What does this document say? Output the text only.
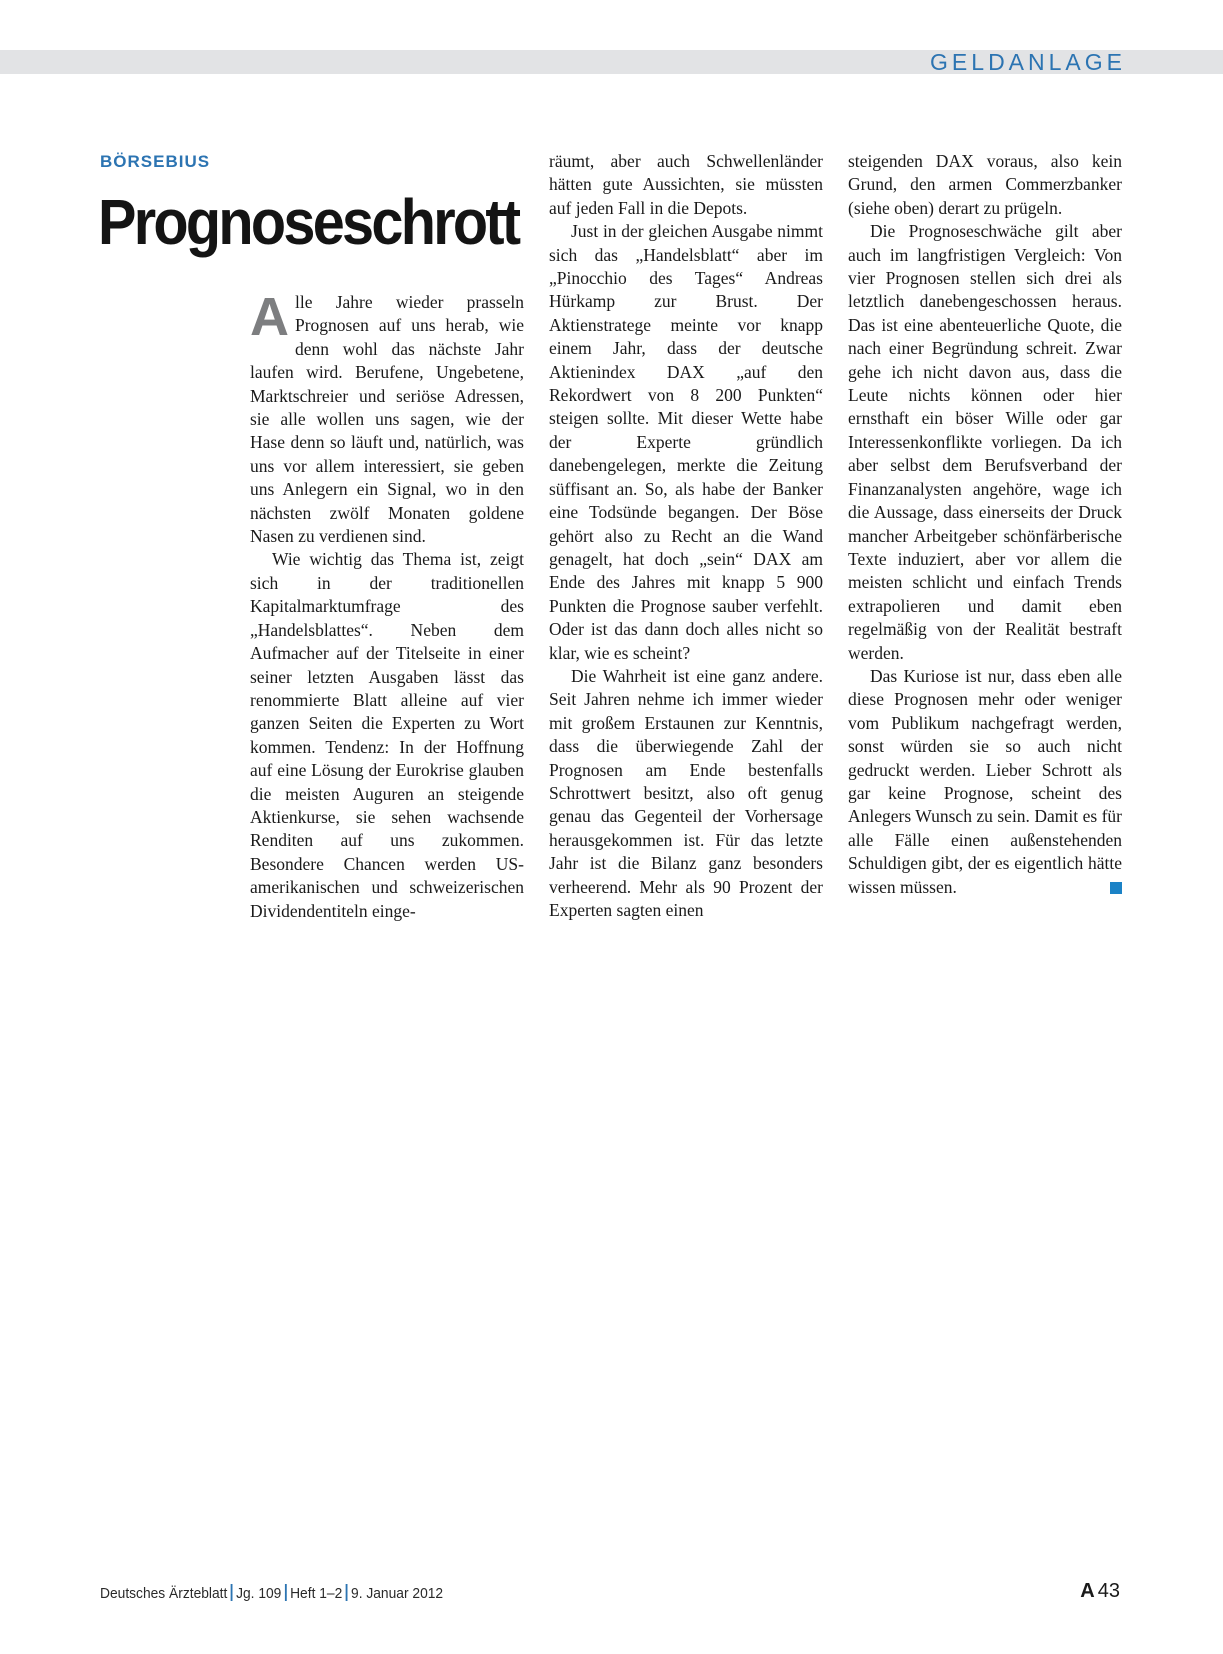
GELDANLAGE
BÖRSEBIUS
Prognoseschrott

Alle Jahre wieder prasseln Prognosen auf uns herab, wie denn wohl das nächste Jahr laufen wird. Berufene, Ungebetene, Marktschreier und seriöse Adressen, sie alle wollen uns sagen, wie der Hase denn so läuft und, natürlich, was uns vor allem interessiert, sie geben uns Anlegern ein Signal, wo in den nächsten zwölf Monaten goldene Nasen zu verdienen sind.

Wie wichtig das Thema ist, zeigt sich in der traditionellen Kapitalmarktumfrage des „Handelsblattes“. Neben dem Aufmacher auf der Titelseite in einer seiner letzten Ausgaben lässt das renommierte Blatt alleine auf vier ganzen Seiten die Experten zu Wort kommen. Tendenz: In der Hoffnung auf eine Lösung der Eurokrise glauben die meisten Auguren an steigende Aktienkurse, sie sehen wachsende Renditen auf uns zukommen. Besondere Chancen werden US-amerikanischen und schweizerischen Dividendentiteln einge-

räumt, aber auch Schwellenländer hätten gute Aussichten, sie müssten auf jeden Fall in die Depots.

Just in der gleichen Ausgabe nimmt sich das „Handelsblatt“ aber im „Pinocchio des Tages“ Andreas Hürkamp zur Brust. Der Aktienstratege meinte vor knapp einem Jahr, dass der deutsche Aktienindex DAX „auf den Rekordwert von 8 200 Punkten“ steigen sollte. Mit dieser Wette habe der Experte gründlich danebengelegen, merkte die Zeitung süffisant an. So, als habe der Banker eine Todsünde begangen. Der Böse gehört also zu Recht an die Wand genagelt, hat doch „sein“ DAX am Ende des Jahres mit knapp 5 900 Punkten die Prognose sauber verfehlt. Oder ist das dann doch alles nicht so klar, wie es scheint?

Die Wahrheit ist eine ganz andere. Seit Jahren nehme ich immer wieder mit großem Erstaunen zur Kenntnis, dass die überwiegende Zahl der Prognosen am Ende bestenfalls Schrottwert besitzt, also oft genug genau das Gegenteil der Vorhersage herausgekommen ist. Für das letzte Jahr ist die Bilanz ganz besonders verheerend. Mehr als 90 Prozent der Experten sagten einen

steigenden DAX voraus, also kein Grund, den armen Commerzbanker (siehe oben) derart zu prügeln.

Die Prognoseschwäche gilt aber auch im langfristigen Vergleich: Von vier Prognosen stellen sich drei als letztlich danebengeschossen heraus. Das ist eine abenteuerliche Quote, die nach einer Begründung schreit. Zwar gehe ich nicht davon aus, dass die Leute nichts können oder hier ernsthaft ein böser Wille oder gar Interessenkonflikte vorliegen. Da ich aber selbst dem Berufsverband der Finanzanalysten angehöre, wage ich die Aussage, dass einerseits der Druck mancher Arbeitgeber schönfärberische Texte induziert, aber vor allem die meisten schlicht und einfach Trends extrapolieren und damit eben regelmäßig von der Realität bestraft werden.

Das Kuriose ist nur, dass eben alle diese Prognosen mehr oder weniger vom Publikum nachgefragt werden, sonst würden sie so auch nicht gedruckt werden. Lieber Schrott als gar keine Prognose, scheint des Anlegers Wunsch zu sein. Damit es für alle Fälle einen außenstehenden Schuldigen gibt, der es eigentlich hätte wissen müssen.

Deutsches Ärzteblatt Jg. 109 Heft 1–2 9. Januar 2012	A 43
